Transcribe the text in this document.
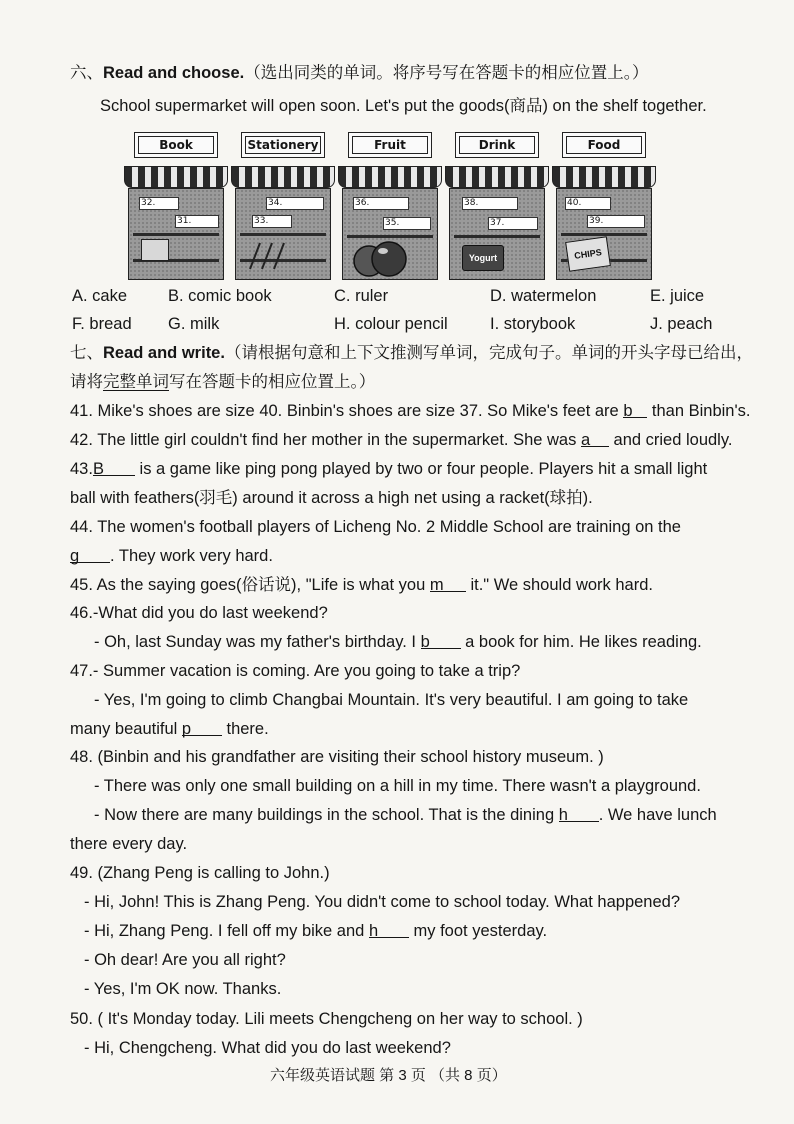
六、Read and choose.（选出同类的单词。将序号写在答题卡的相应位置上。）
School supermarket will open soon. Let's put the goods(商品) on the shelf together.
Book
32.
31.
Stationery
34.
33.
Fruit
36.
35.
Drink
38.
37.
Yogurt
Food
40.
39.
CHIPS
A. cake B. comic book	C. ruler	D. watermelon	E. juice
F. bread G. milk	H. colour pencil	I. storybook	J. peach
七、Read and write.（请根据句意和上下文推测写单词，完成句子。单词的开头字母已给出，
请将完整单词写在答题卡的相应位置上。）
41. Mike's shoes are size 40. Binbin's shoes are size 37. So Mike's feet are b than Binbin's.
42. The little girl couldn't find her mother in the supermarket. She was a and cried loudly.
43.B is a game like ping pong played by two or four people. Players hit a small light
ball with feathers(羽毛) around it across a high net using a racket(球拍).
44. The women's football players of Licheng No. 2 Middle School are training on the
g . They work very hard.
45. As the saying goes(俗话说), "Life is what you m it." We should work hard.
46.-What did you do last weekend?
- Oh, last Sunday was my father's birthday. I b a book for him. He likes reading.
47.- Summer vacation is coming. Are you going to take a trip?
- Yes, I'm going to climb Changbai Mountain. It's very beautiful. I am going to take
many beautiful p there.
48. (Binbin and his grandfather are visiting their school history museum. )
- There was only one small building on a hill in my time. There wasn't a playground.
- Now there are many buildings in the school. That is the dining h . We have lunch
there every day.
49. (Zhang Peng is calling to John.)
- Hi, John! This is Zhang Peng. You didn't come to school today. What happened?
- Hi, Zhang Peng. I fell off my bike and h my foot yesterday.
- Oh dear! Are you all right?
- Yes, I'm OK now. Thanks.
50. ( It's Monday today. Lili meets Chengcheng on her way to school. )
- Hi, Chengcheng. What did you do last weekend?
六年级英语试题 第 3 页 （共 8 页）
